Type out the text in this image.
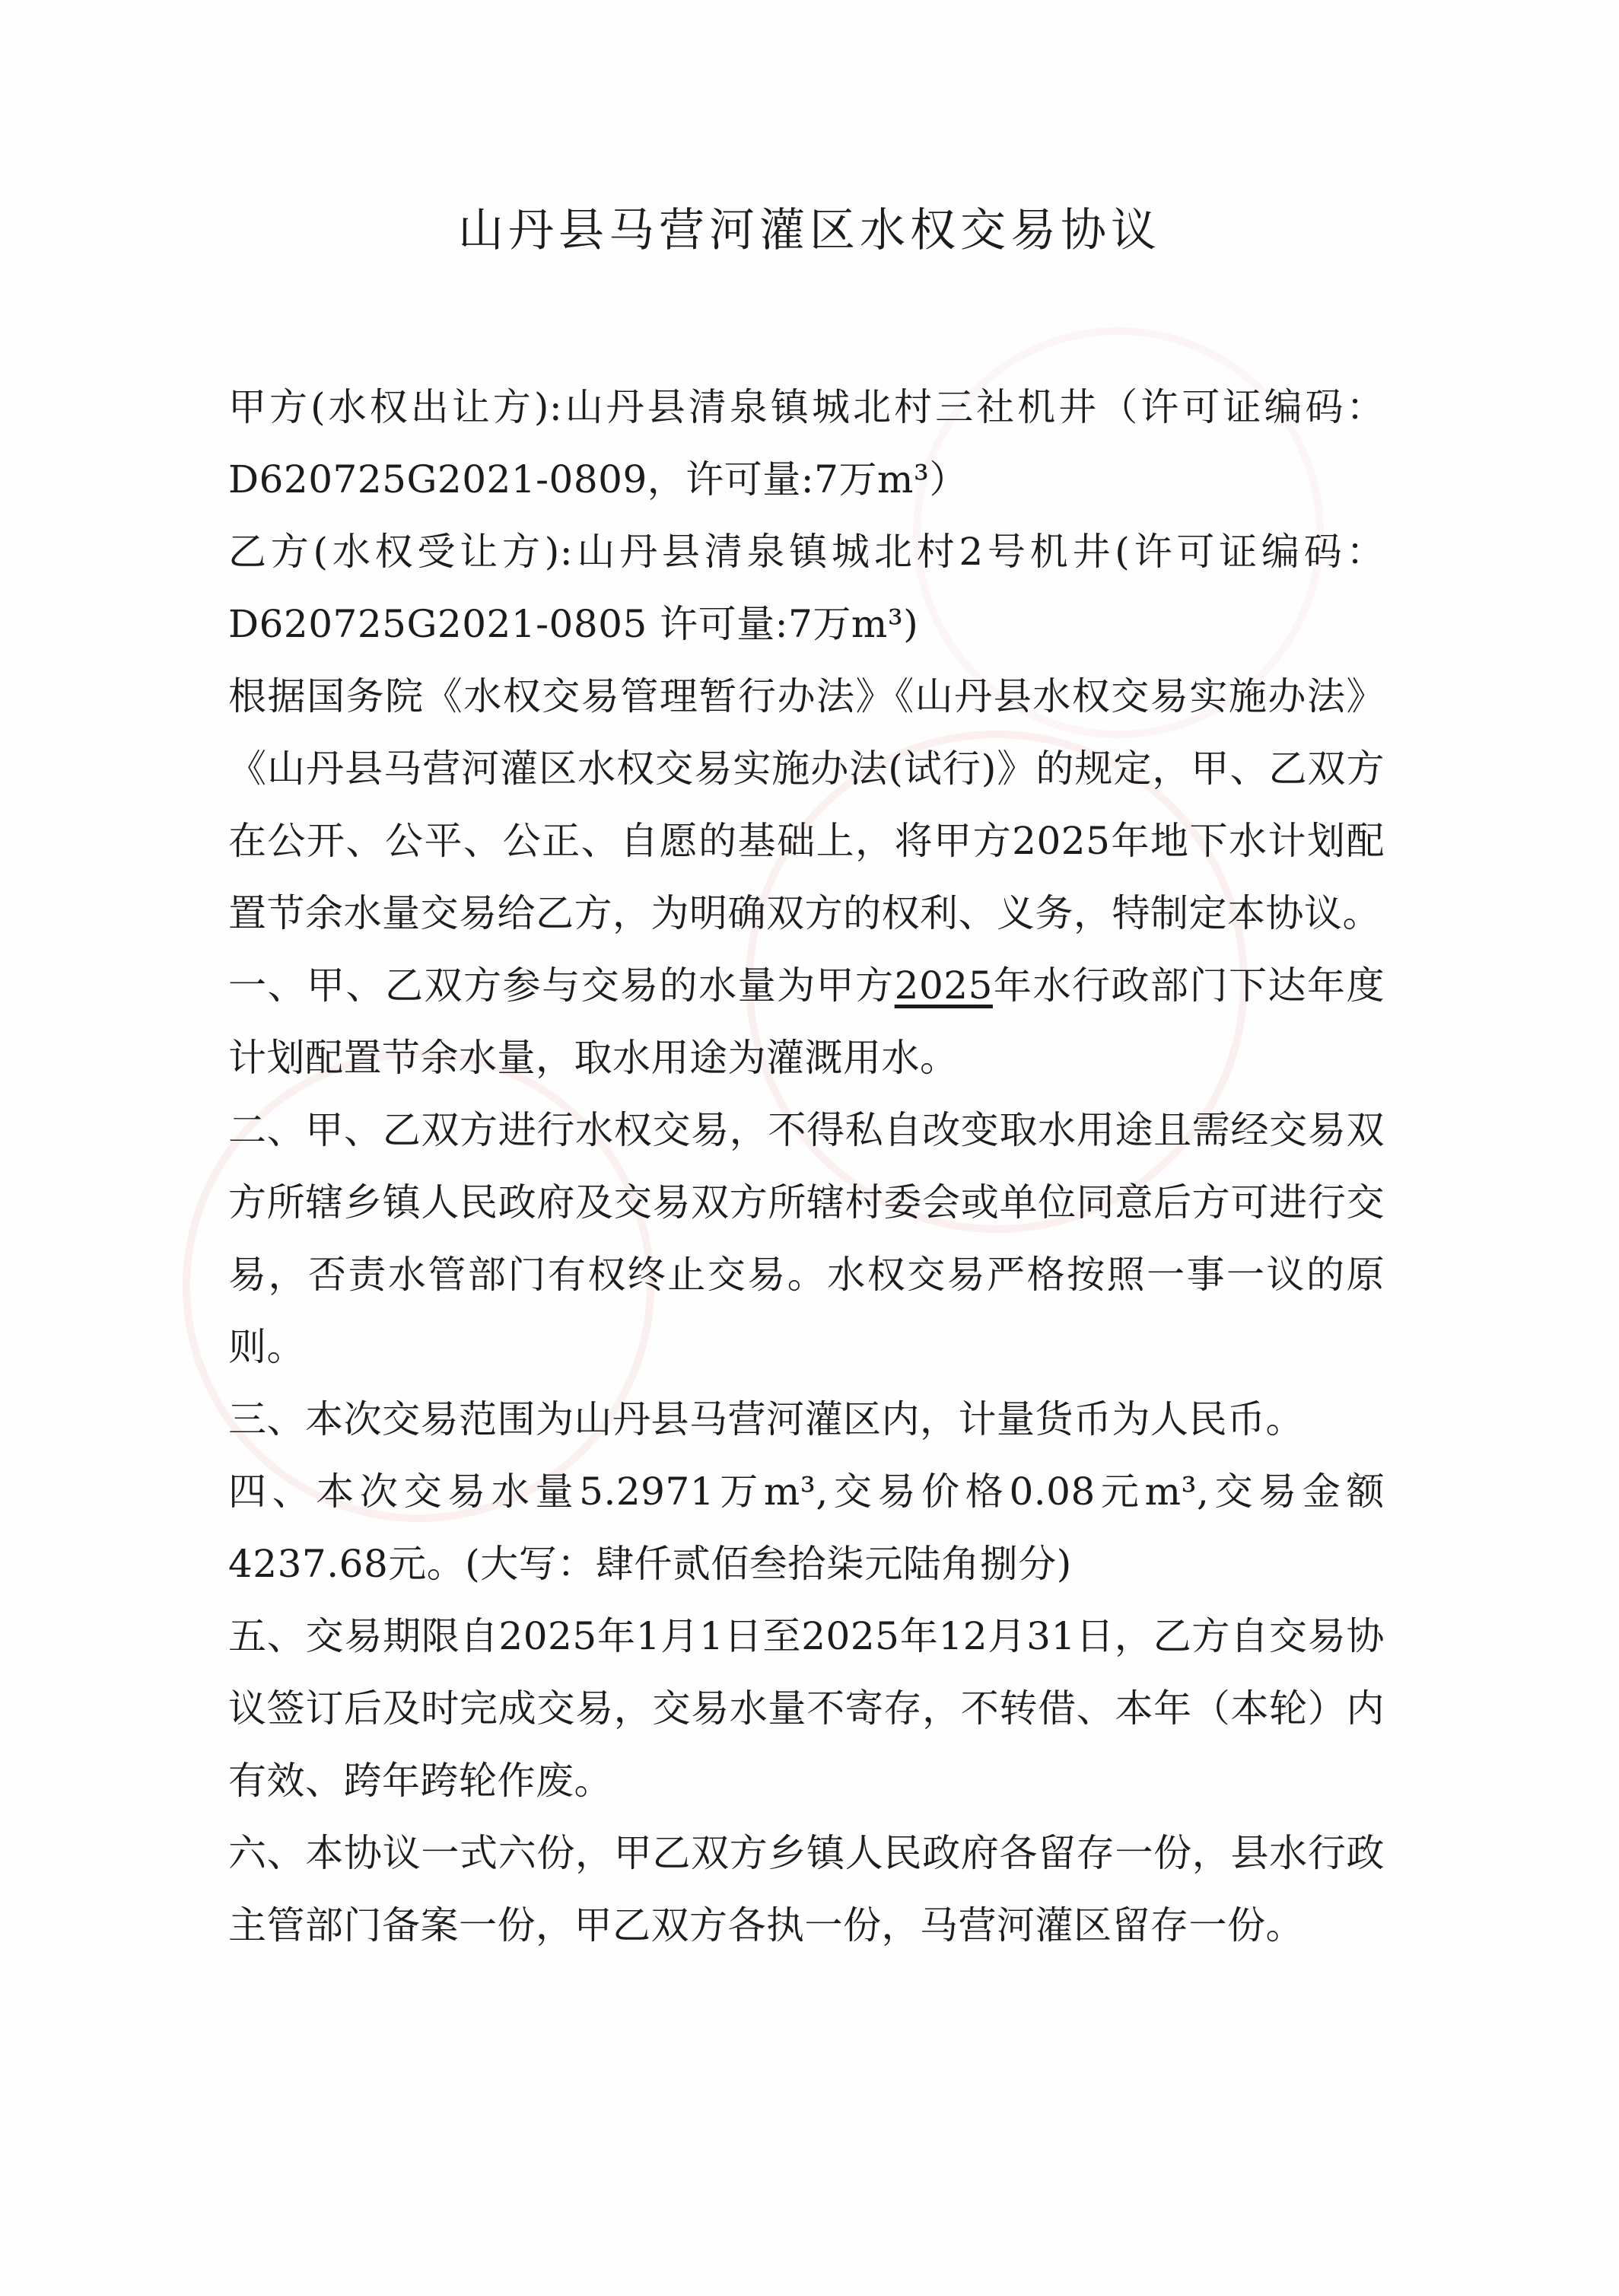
山丹县马营河灌区水权交易协议

甲方(水权出让方):山丹县清泉镇城北村三社机井（许可证编码：D620725G2021-0809，许可量:7万m³）

乙方(水权受让方):山丹县清泉镇城北村2号机井(许可证编码：D620725G2021-0805 许可量:7万m³)

根据国务院《水权交易管理暂行办法》《山丹县水权交易实施办法》《山丹县马营河灌区水权交易实施办法(试行)》的规定，甲、乙双方在公开、公平、公正、自愿的基础上，将甲方2025年地下水计划配置节余水量交易给乙方，为明确双方的权利、义务，特制定本协议。

一、甲、乙双方参与交易的水量为甲方2025年水行政部门下达年度计划配置节余水量，取水用途为灌溉用水。

二、甲、乙双方进行水权交易，不得私自改变取水用途且需经交易双方所辖乡镇人民政府及交易双方所辖村委会或单位同意后方可进行交易，否责水管部门有权终止交易。水权交易严格按照一事一议的原则。

三、本次交易范围为山丹县马营河灌区内，计量货币为人民币。

四、本次交易水量5.2971万m³,交易价格0.08元m³,交易金额4237.68元。(大写：肆仟贰佰叁拾柒元陆角捌分)

五、交易期限自2025年1月1日至2025年12月31日，乙方自交易协议签订后及时完成交易，交易水量不寄存，不转借、本年（本轮）内有效、跨年跨轮作废。

六、本协议一式六份，甲乙双方乡镇人民政府各留存一份，县水行政主管部门备案一份，甲乙双方各执一份，马营河灌区留存一份。
